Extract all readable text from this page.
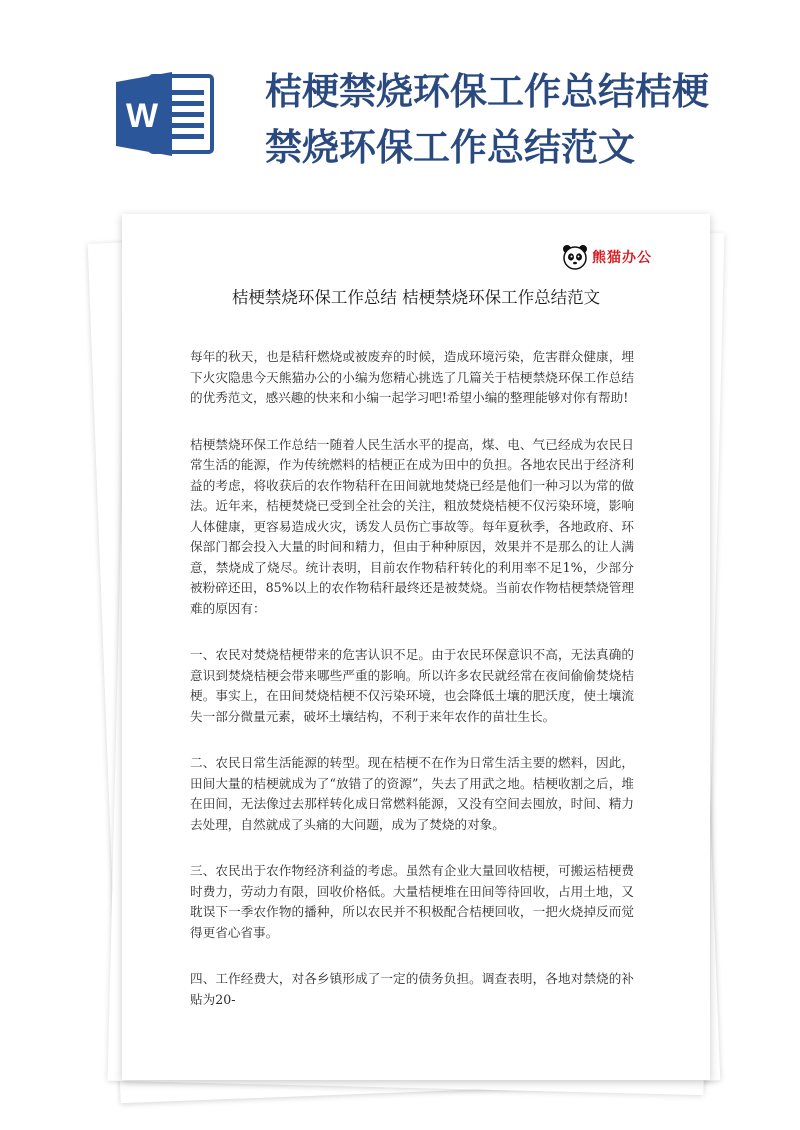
W
桔梗禁烧环保工作总结桔梗禁烧环保工作总结范文
熊猫办公
桔梗禁烧环保工作总结 桔梗禁烧环保工作总结范文

每年的秋天，也是秸秆燃烧或被废弃的时候，造成环境污染，危害群众健康，埋下火灾隐患今天熊猫办公的小编为您精心挑选了几篇关于桔梗禁烧环保工作总结的优秀范文，感兴趣的快来和小编一起学习吧!希望小编的整理能够对你有帮助!

桔梗禁烧环保工作总结一随着人民生活水平的提高，煤、电、气已经成为农民日常生活的能源，作为传统燃料的桔梗正在成为田中的负担。各地农民出于经济利益的考虑，将收获后的农作物秸秆在田间就地焚烧已经是他们一种习以为常的做法。近年来，桔梗焚烧已受到全社会的关注，粗放焚烧桔梗不仅污染环境，影响人体健康，更容易造成火灾，诱发人员伤亡事故等。每年夏秋季，各地政府、环保部门都会投入大量的时间和精力，但由于种种原因，效果并不是那么的让人满意，禁烧成了烧尽。统计表明，目前农作物秸秆转化的利用率不足1%，少部分被粉碎还田，85%以上的农作物秸秆最终还是被焚烧。当前农作物桔梗禁烧管理难的原因有：

一、农民对焚烧桔梗带来的危害认识不足。由于农民环保意识不高，无法真确的意识到焚烧桔梗会带来哪些严重的影响。所以许多农民就经常在夜间偷偷焚烧桔梗。事实上，在田间焚烧桔梗不仅污染环境，也会降低土壤的肥沃度，使土壤流失一部分微量元素，破坏土壤结构，不利于来年农作的苗壮生长。

二、农民日常生活能源的转型。现在桔梗不在作为日常生活主要的燃料，因此，田间大量的桔梗就成为了“放错了的资源”，失去了用武之地。桔梗收割之后，堆在田间，无法像过去那样转化成日常燃料能源，又没有空间去囤放，时间、精力去处理，自然就成了头痛的大问题，成为了焚烧的对象。

三、农民出于农作物经济利益的考虑。虽然有企业大量回收桔梗，可搬运桔梗费时费力，劳动力有限，回收价格低。大量桔梗堆在田间等待回收，占用土地，又耽误下一季农作物的播种，所以农民并不积极配合桔梗回收，一把火烧掉反而觉得更省心省事。

四、工作经费大，对各乡镇形成了一定的债务负担。调查表明，各地对禁烧的补贴为20-
